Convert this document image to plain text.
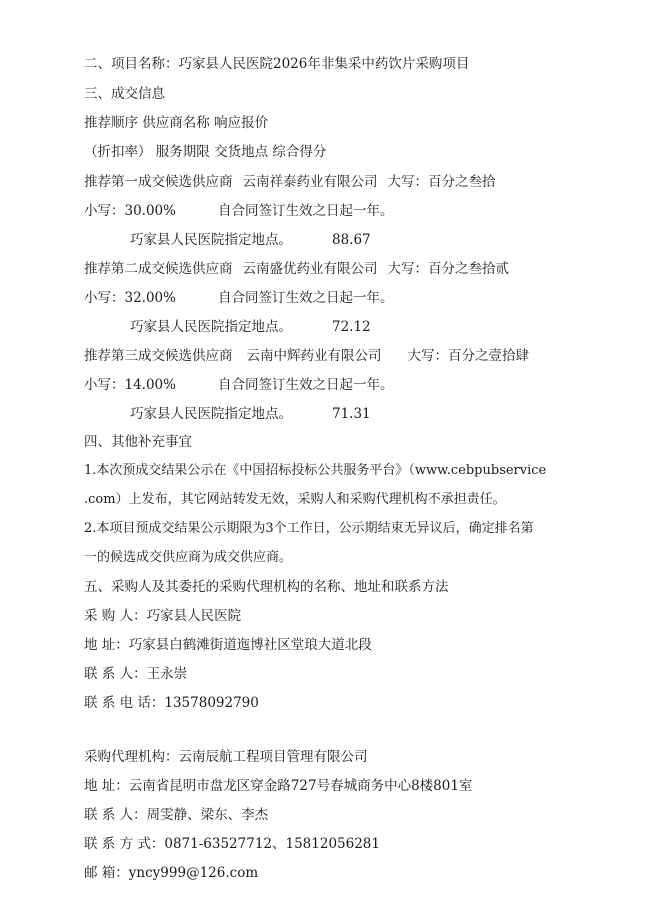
二、项目名称：巧家县人民医院2026年非集采中药饮片采购项目
三、成交信息
推荐顺序 供应商名称 响应报价
（折扣率） 服务期限 交货地点 综合得分
推荐第一成交候选供应商 云南祥泰药业有限公司 大写：百分之叁拾
小写：30.00%	自合同签订生效之日起一年。
巧家县人民医院指定地点。	88.67
推荐第二成交候选供应商 云南盛优药业有限公司 大写：百分之叁拾贰
小写：32.00%	自合同签订生效之日起一年。
巧家县人民医院指定地点。	72.12
推荐第三成交候选供应商 云南中辉药业有限公司 大写：百分之壹拾肆
小写：14.00%	自合同签订生效之日起一年。
巧家县人民医院指定地点。	71.31
四、其他补充事宜
1.本次预成交结果公示在《中国招标投标公共服务平台》（www.cebpubservice
.com）上发布，其它网站转发无效，采购人和采购代理机构不承担责任。
2.本项目预成交结果公示期限为3个工作日，公示期结束无异议后，确定排名第
一的候选成交供应商为成交供应商。
五、采购人及其委托的采购代理机构的名称、地址和联系方法
采 购 人：巧家县人民医院
地 址：巧家县白鹤滩街道迤博社区堂琅大道北段
联 系 人：王永崇
联 系 电 话：13578092790
采购代理机构：云南辰航工程项目管理有限公司
地 址：云南省昆明市盘龙区穿金路727号春城商务中心8楼801室
联 系 人：周雯静、梁东、李杰
联 系 方 式：0871-63527712、15812056281
邮 箱：yncy999@126.com
